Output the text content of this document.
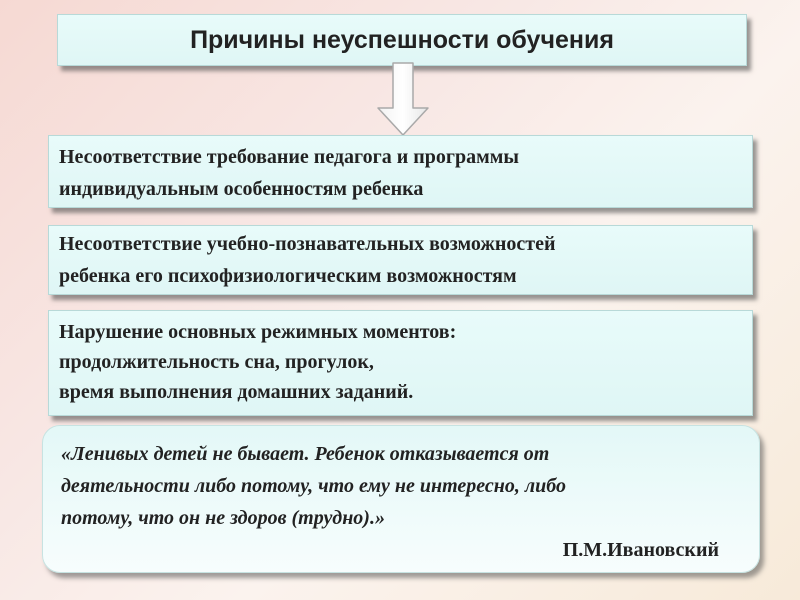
Причины неуспешности обучения
Несоответствие требование педагога и программы
индивидуальным особенностям ребенка
Несоответствие учебно-познавательных возможностей
ребенка его психофизиологическим возможностям
Нарушение основных режимных моментов:
продолжительность сна, прогулок,
время выполнения домашних заданий.

«Ленивых детей не бывает. Ребенок отказывается от
деятельности либо потому, что ему не интересно, либо
потому, что он не здоров (трудно).»

П.М.Ивановский
